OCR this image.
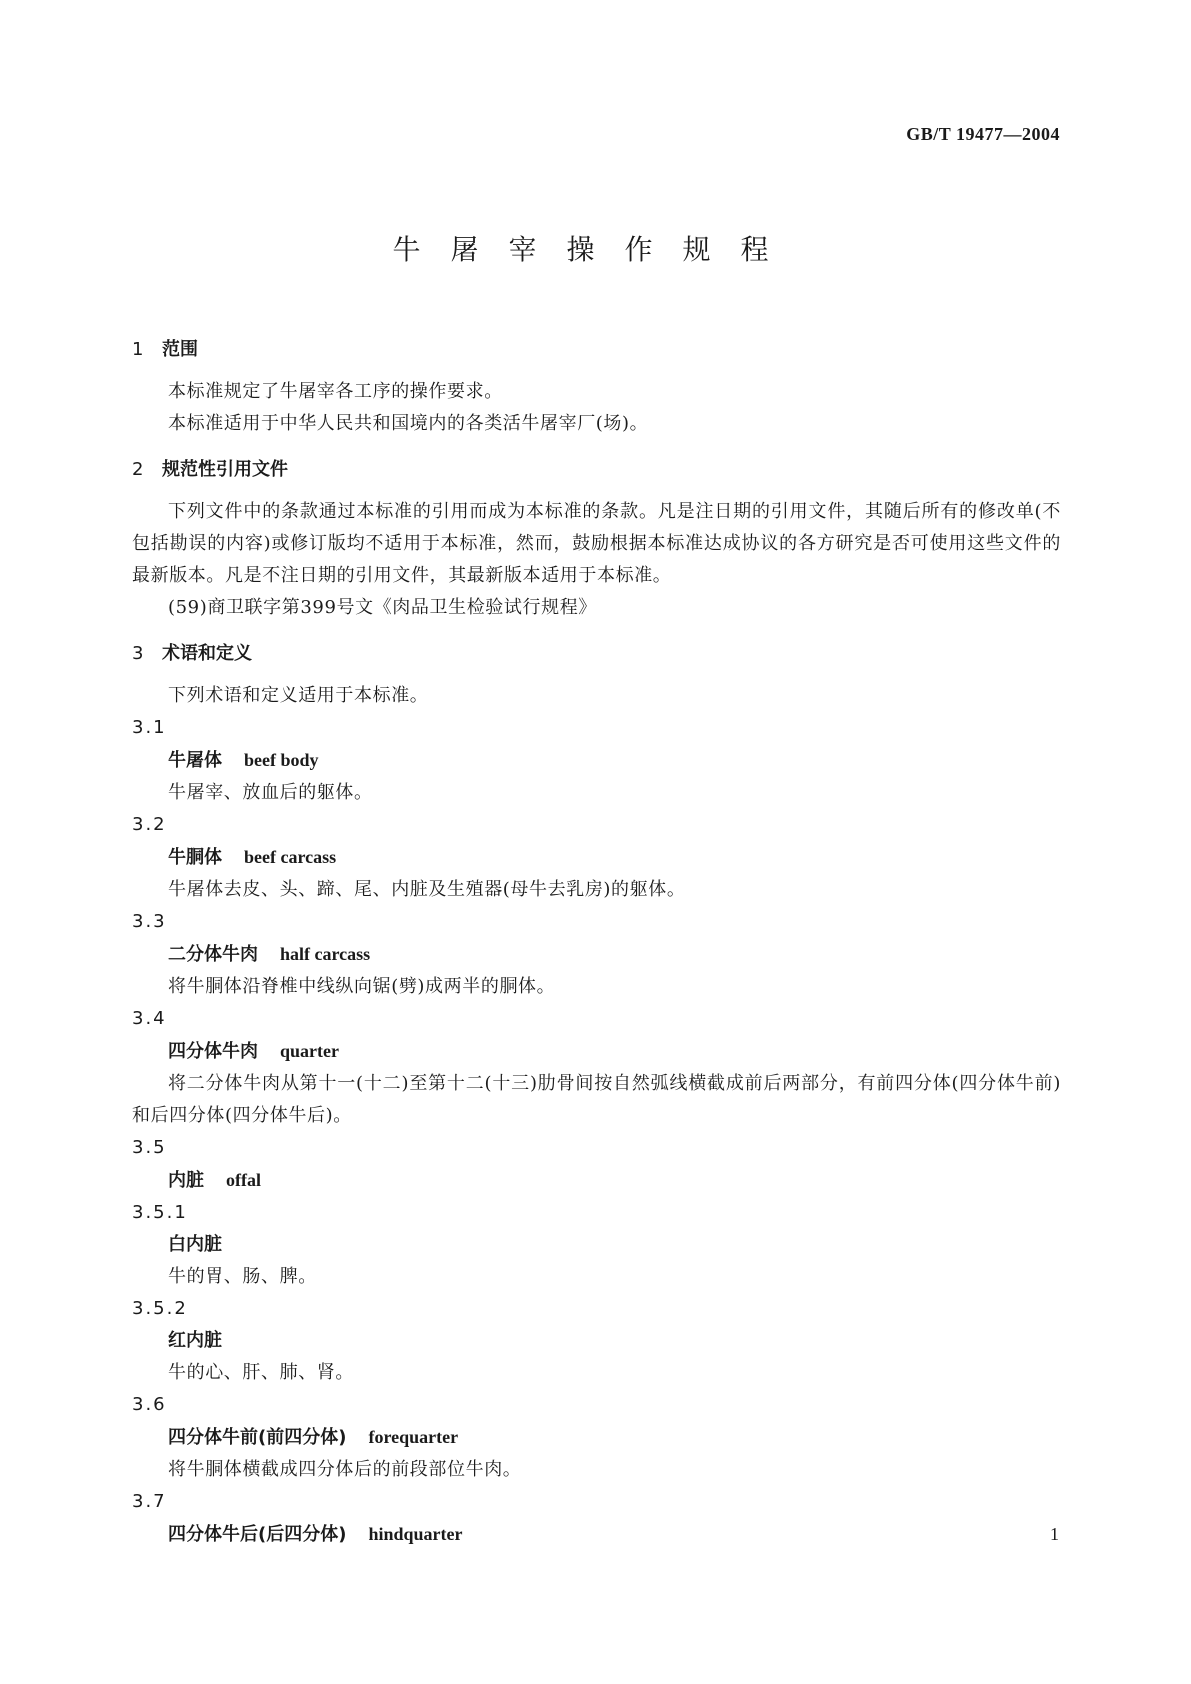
GB/T 19477—2004
牛屠宰操作规程
1 范围
本标准规定了牛屠宰各工序的操作要求。
本标准适用于中华人民共和国境内的各类活牛屠宰厂(场)。
2 规范性引用文件
下列文件中的条款通过本标准的引用而成为本标准的条款。凡是注日期的引用文件，其随后所有的修改单(不包括勘误的内容)或修订版均不适用于本标准，然而，鼓励根据本标准达成协议的各方研究是否可使用这些文件的最新版本。凡是不注日期的引用文件，其最新版本适用于本标准。
(59)商卫联字第399号文《肉品卫生检验试行规程》
3 术语和定义
下列术语和定义适用于本标准。
3.1
牛屠体 beef body
牛屠宰、放血后的躯体。
3.2
牛胴体 beef carcass
牛屠体去皮、头、蹄、尾、内脏及生殖器(母牛去乳房)的躯体。
3.3
二分体牛肉 half carcass
将牛胴体沿脊椎中线纵向锯(劈)成两半的胴体。
3.4
四分体牛肉 quarter
将二分体牛肉从第十一(十二)至第十二(十三)肋骨间按自然弧线横截成前后两部分，有前四分体(四分体牛前)和后四分体(四分体牛后)。
3.5
内脏 offal
3.5.1
白内脏
牛的胃、肠、脾。
3.5.2
红内脏
牛的心、肝、肺、肾。
3.6
四分体牛前(前四分体) forequarter
将牛胴体横截成四分体后的前段部位牛肉。
3.7
四分体牛后(后四分体) hindquarter	1
